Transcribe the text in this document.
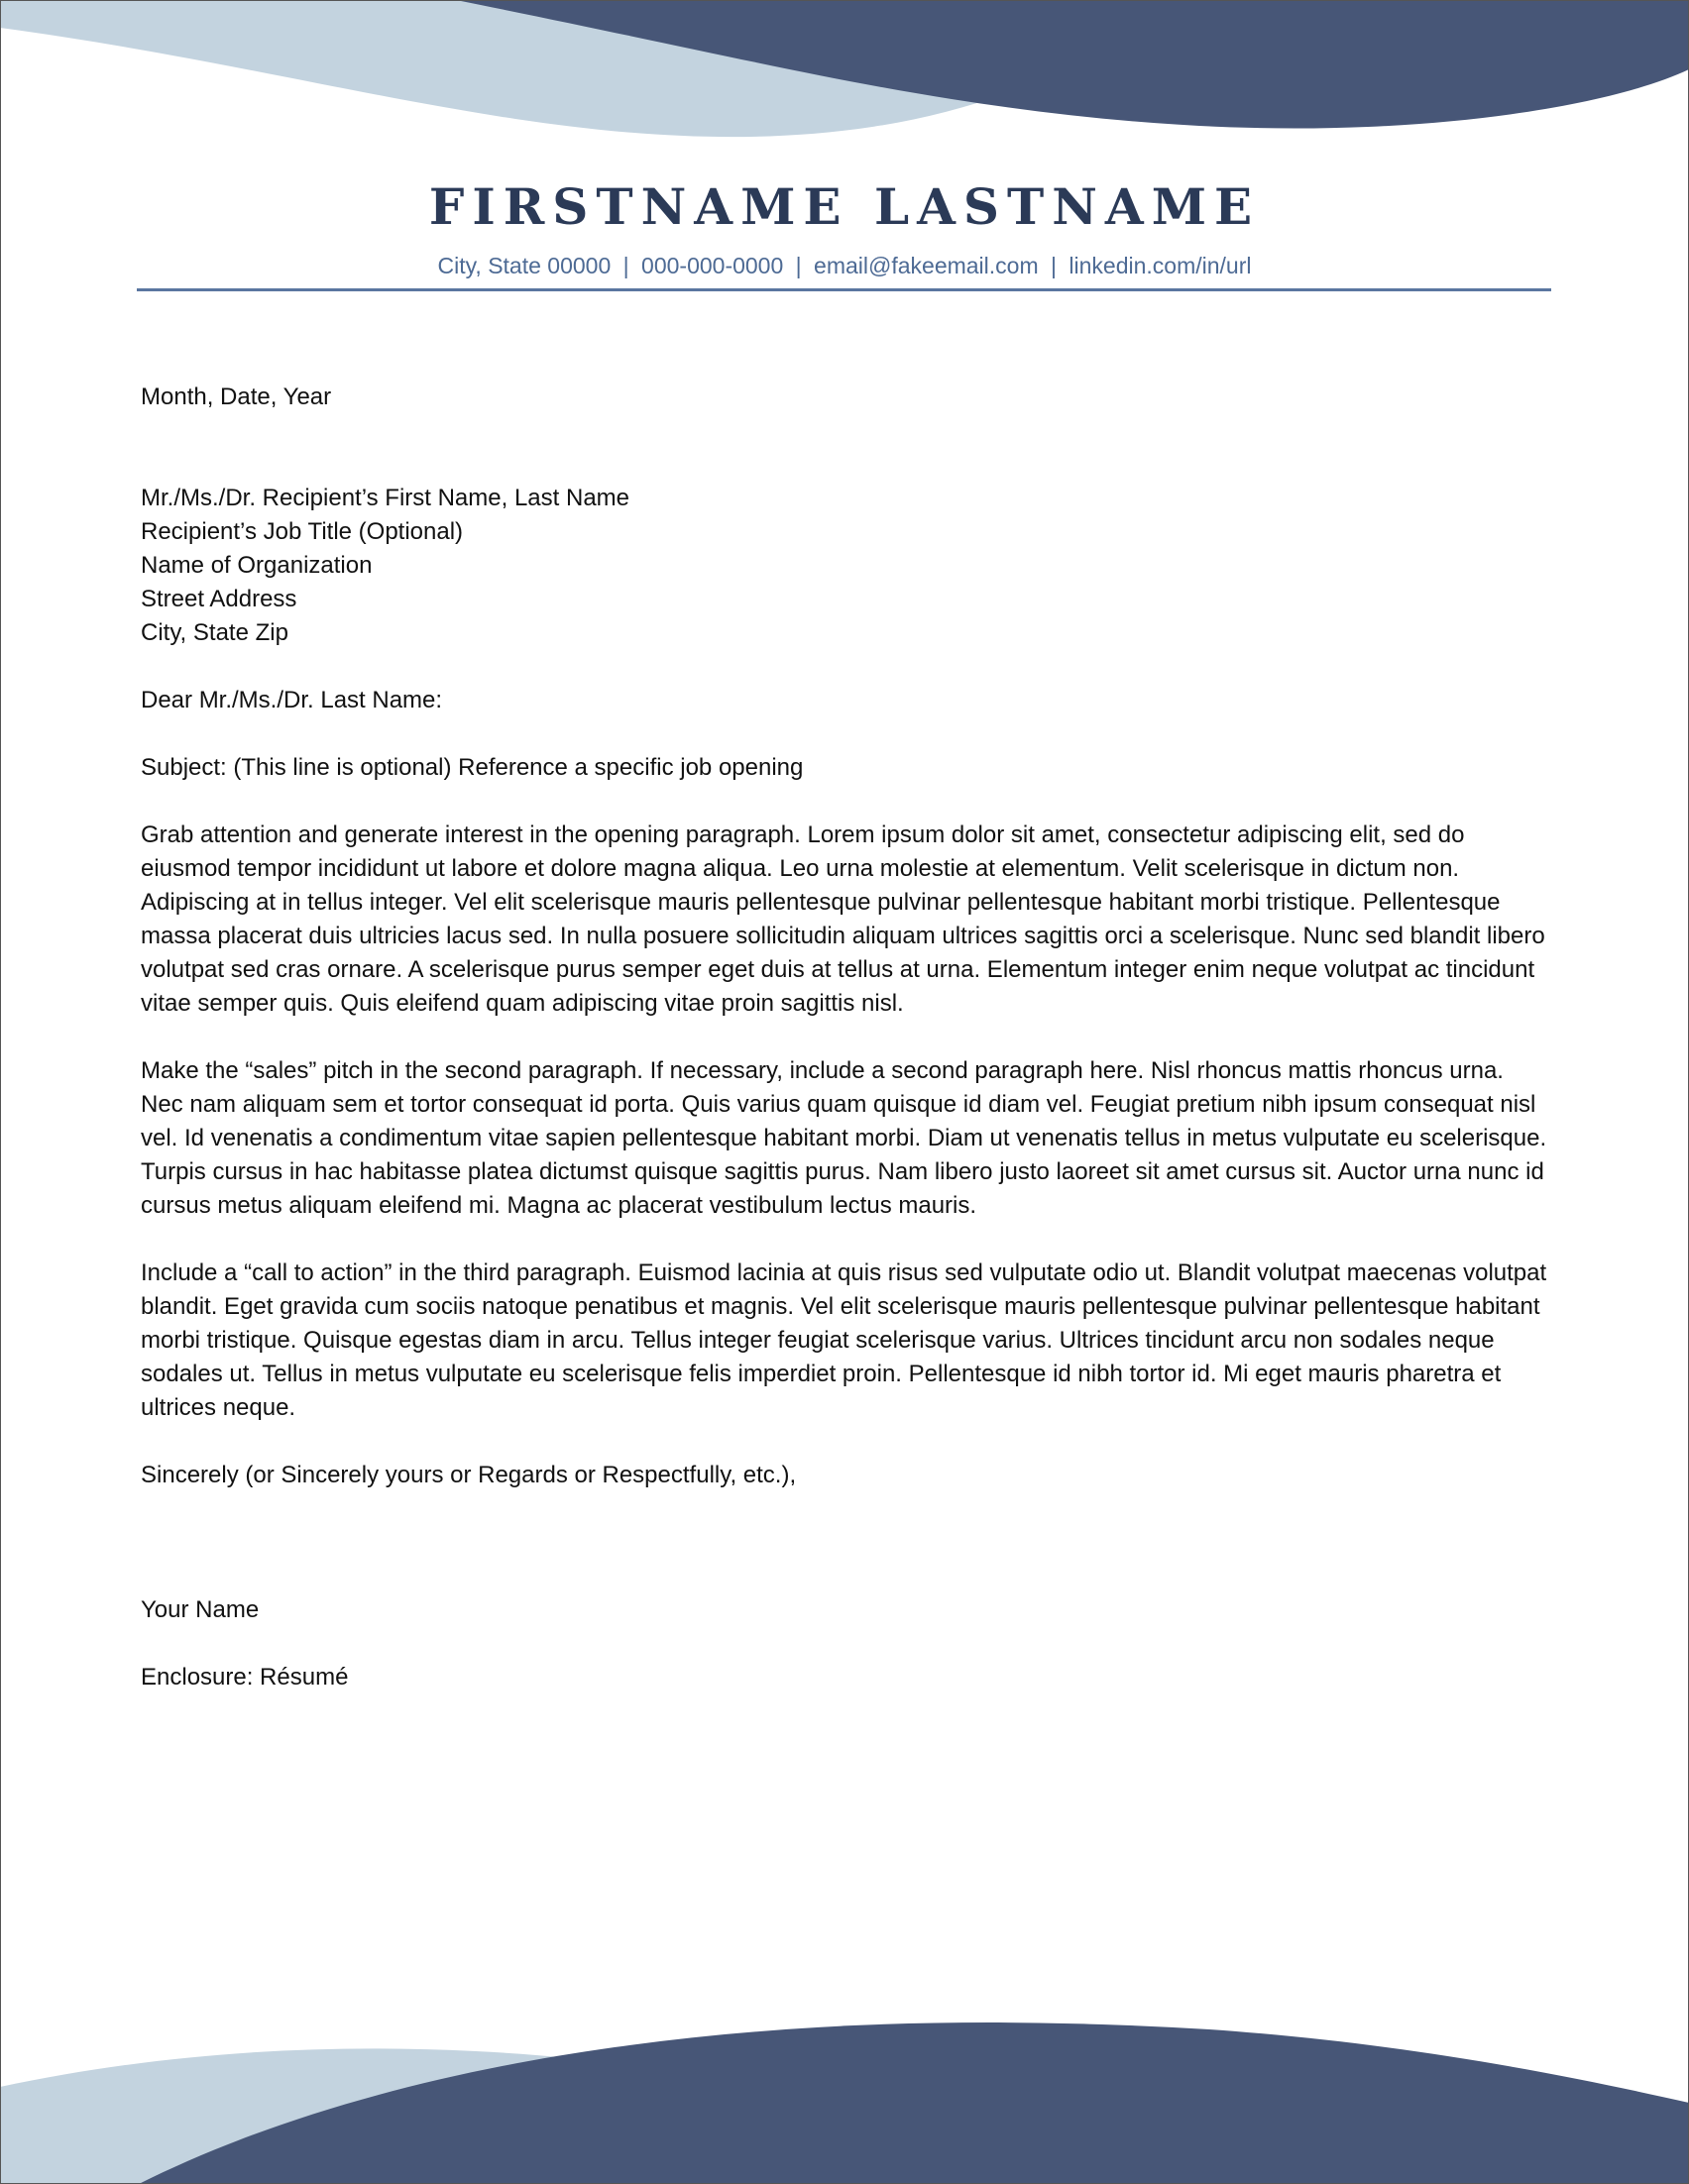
FIRSTNAME LASTNAME
City, State 00000 | 000-000-0000 | email@fakeemail.com | linkedin.com/in/url

Month, Date, Year

Mr./Ms./Dr. Recipient’s First Name, Last Name
Recipient’s Job Title (Optional)
Name of Organization
Street Address
City, State Zip

Dear Mr./Ms./Dr. Last Name:

Subject: (This line is optional) Reference a specific job opening

Grab attention and generate interest in the opening paragraph. Lorem ipsum dolor sit amet, consectetur adipiscing elit, sed do eiusmod tempor incididunt ut labore et dolore magna aliqua. Leo urna molestie at elementum. Velit scelerisque in dictum non. Adipiscing at in tellus integer. Vel elit scelerisque mauris pellentesque pulvinar pellentesque habitant morbi tristique. Pellentesque massa placerat duis ultricies lacus sed. In nulla posuere sollicitudin aliquam ultrices sagittis orci a scelerisque. Nunc sed blandit libero volutpat sed cras ornare. A scelerisque purus semper eget duis at tellus at urna. Elementum integer enim neque volutpat ac tincidunt vitae semper quis. Quis eleifend quam adipiscing vitae proin sagittis nisl.

Make the “sales” pitch in the second paragraph. If necessary, include a second paragraph here. Nisl rhoncus mattis rhoncus urna. Nec nam aliquam sem et tortor consequat id porta. Quis varius quam quisque id diam vel. Feugiat pretium nibh ipsum consequat nisl vel. Id venenatis a condimentum vitae sapien pellentesque habitant morbi. Diam ut venenatis tellus in metus vulputate eu scelerisque. Turpis cursus in hac habitasse platea dictumst quisque sagittis purus. Nam libero justo laoreet sit amet cursus sit. Auctor urna nunc id cursus metus aliquam eleifend mi. Magna ac placerat vestibulum lectus mauris.

Include a “call to action” in the third paragraph. Euismod lacinia at quis risus sed vulputate odio ut. Blandit volutpat maecenas volutpat blandit. Eget gravida cum sociis natoque penatibus et magnis. Vel elit scelerisque mauris pellentesque pulvinar pellentesque habitant morbi tristique. Quisque egestas diam in arcu. Tellus integer feugiat scelerisque varius. Ultrices tincidunt arcu non sodales neque sodales ut. Tellus in metus vulputate eu scelerisque felis imperdiet proin. Pellentesque id nibh tortor id. Mi eget mauris pharetra et ultrices neque.

Sincerely (or Sincerely yours or Regards or Respectfully, etc.),

Your Name

Enclosure: Résumé
